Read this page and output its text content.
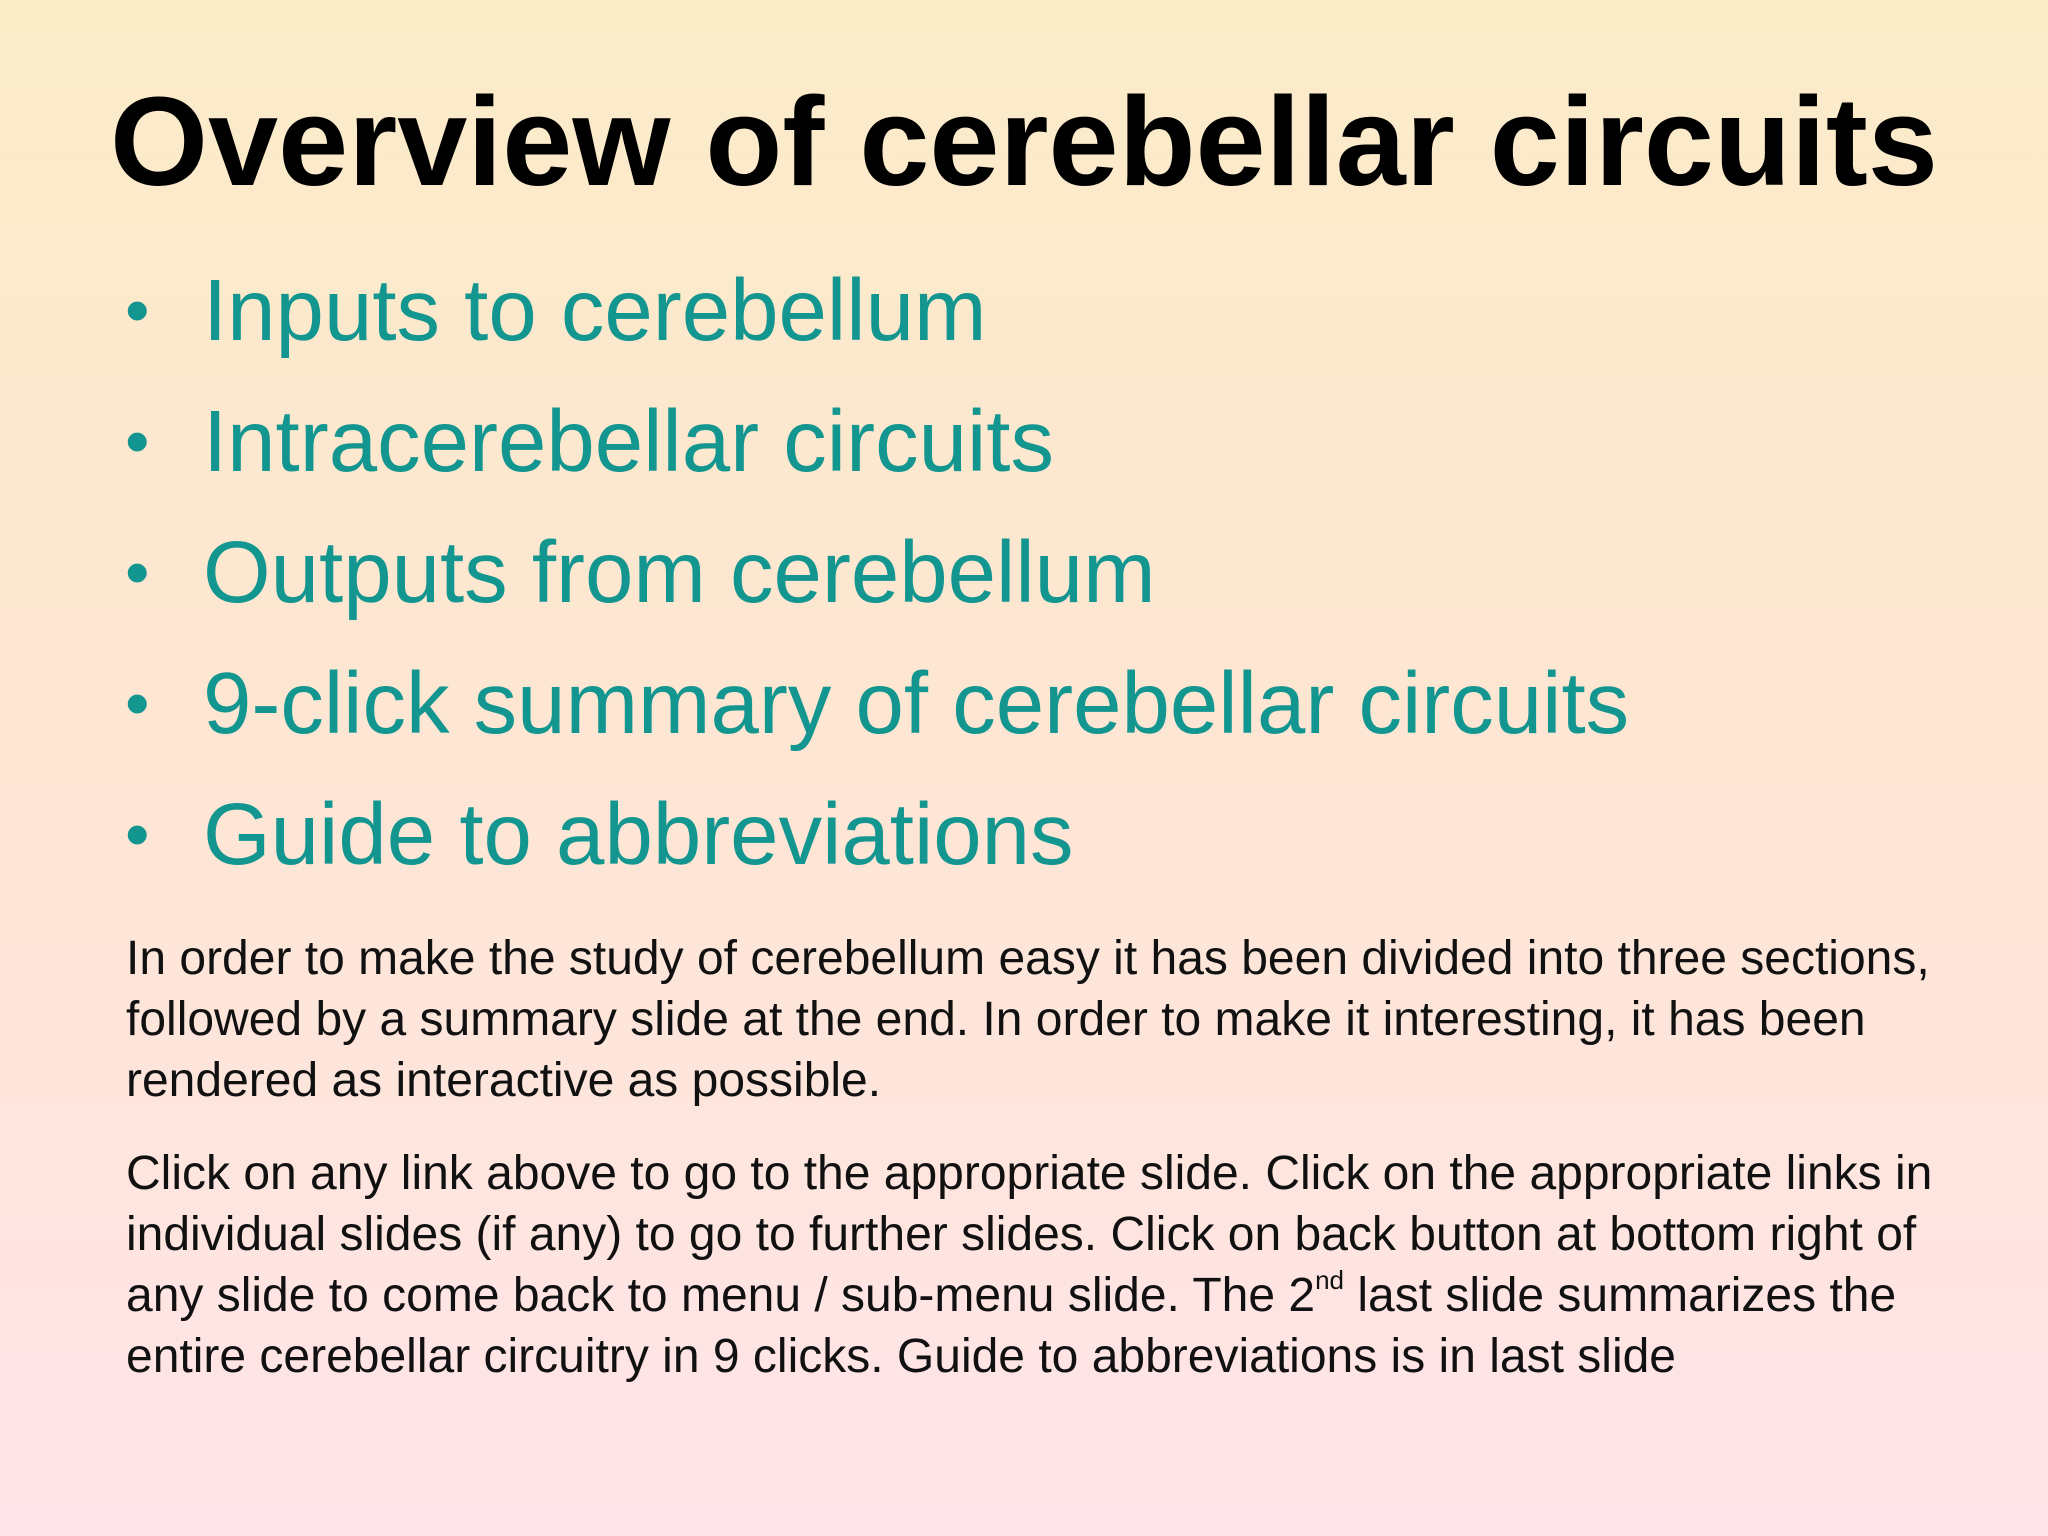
Overview of cerebellar circuits
• Inputs to cerebellum
• Intracerebellar circuits
• Outputs from cerebellum
• 9-click summary of cerebellar circuits
• Guide to abbreviations

In order to make the study of cerebellum easy it has been divided into three sections, followed by a summary slide at the end. In order to make it interesting, it has been rendered as interactive as possible.

Click on any link above to go to the appropriate slide. Click on the appropriate links in individual slides (if any) to go to further slides. Click on back button at bottom right of any slide to come back to menu / sub-menu slide. The 2nd last slide summarizes the entire cerebellar circuitry in 9 clicks. Guide to abbreviations is in last slide
